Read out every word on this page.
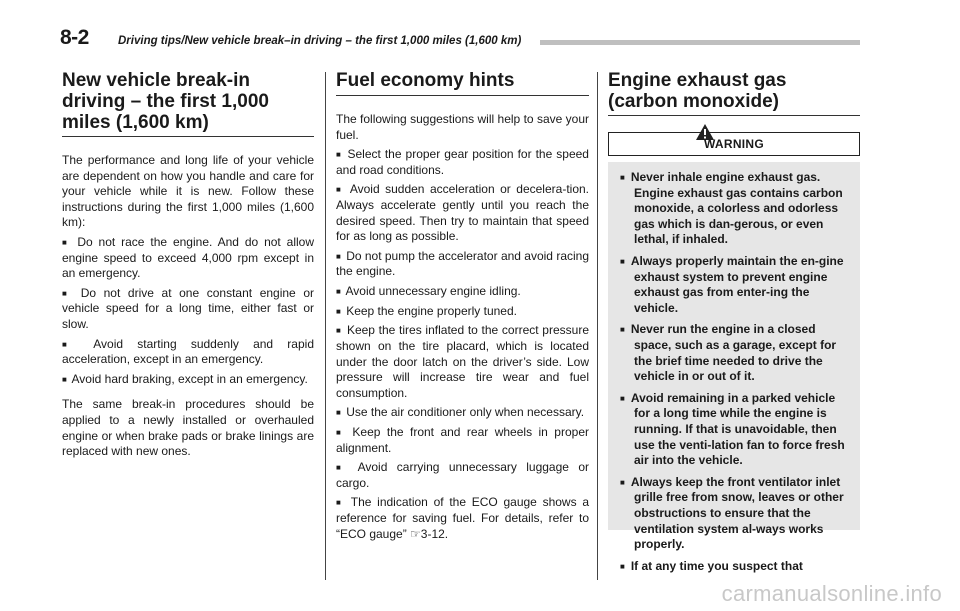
8-2	Driving tips/New vehicle break–in driving – the first 1,000 miles (1,600 km)
New vehicle break-in driving – the first 1,000 miles (1,600 km)

The performance and long life of your vehicle are dependent on how you handle and care for your vehicle while it is new. Follow these instructions during the first 1,000 miles (1,600 km):

■ Do not race the engine. And do not allow engine speed to exceed 4,000 rpm except in an emergency.

■ Do not drive at one constant engine or vehicle speed for a long time, either fast or slow.

■ Avoid starting suddenly and rapid acceleration, except in an emergency.

■ Avoid hard braking, except in an emergency.

The same break-in procedures should be applied to a newly installed or overhauled engine or when brake pads or brake linings are replaced with new ones.

Fuel economy hints

The following suggestions will help to save your fuel.

■ Select the proper gear position for the speed and road conditions.

■ Avoid sudden acceleration or decelera-tion. Always accelerate gently until you reach the desired speed. Then try to maintain that speed for as long as possible.

■ Do not pump the accelerator and avoid racing the engine.

■ Avoid unnecessary engine idling.

■ Keep the engine properly tuned.

■ Keep the tires inflated to the correct pressure shown on the tire placard, which is located under the door latch on the driver’s side. Low pressure will increase tire wear and fuel consumption.

■ Use the air conditioner only when necessary.

■ Keep the front and rear wheels in proper alignment.

■ Avoid carrying unnecessary luggage or cargo.

■ The indication of the ECO gauge shows a reference for saving fuel. For details, refer to “ECO gauge” ☞3-12.

Engine exhaust gas (carbon monoxide)
WARNING
■ Never inhale engine exhaust gas. Engine exhaust gas contains carbon monoxide, a colorless and odorless gas which is dan-gerous, or even lethal, if inhaled.
■ Always properly maintain the en-gine exhaust system to prevent engine exhaust gas from enter-ing the vehicle.
■ Never run the engine in a closed space, such as a garage, except for the brief time needed to drive the vehicle in or out of it.
■ Avoid remaining in a parked vehicle for a long time while the engine is running. If that is unavoidable, then use the venti-lation fan to force fresh air into the vehicle.
■ Always keep the front ventilator inlet grille free from snow, leaves or other obstructions to ensure that the ventilation system al-ways works properly.
■ If at any time you suspect that
carmanualsonline.info
